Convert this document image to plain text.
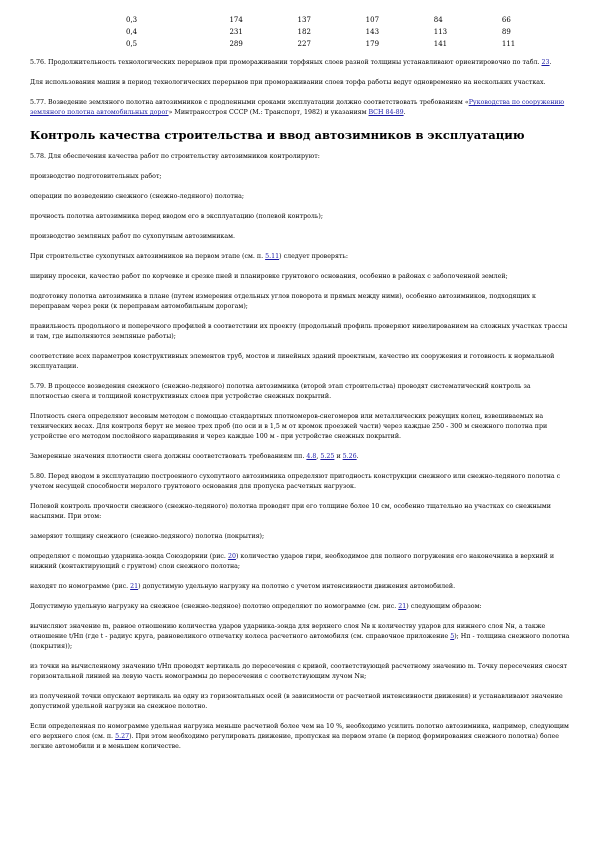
0,3	174	137	107	84	66
0,4	231	182	143	113	89
0,5	289	227	179	141	111

5.76. Продолжительность технологических перерывов при промораживании торфяных слоев разной толщины устанавливают ориентировочно по табл. 23.

Для использования машин в период технологических перерывов при промораживании слоев торфа работы ведут одновременно на нескольких участках.

5.77. Возведение земляного полотна автозимников с продленными сроками эксплуатации должно соответствовать требованиям «Руководства по сооружению земляного полотна автомобильных дорог» Минтрансстроя СССР (М.: Транспорт, 1982) и указаниям ВСН 84-89.

Контроль качества строительства и ввод автозимников в эксплуатацию

5.78. Для обеспечения качества работ по строительству автозимников контролируют:

производство подготовительных работ;

операции по возведению снежного (снежно-ледяного) полотна;

прочность полотна автозимника перед вводом его в эксплуатацию (полевой контроль);

производство земляных работ по сухопутным автозимникам.

При строительстве сухопутных автозимников на первом этапе (см. п. 5.11) следует проверять:

ширину просеки, качество работ по корчевке и срезке пней и планировке грунтового основания, особенно в районах с заболоченной землей;

подготовку полотна автозимника в плане (путем измерения отдельных углов поворота и прямых между ними), особенно автозимников, подходящих к переправам через реки (к переправам автомобильным дорогам);

правильность продольного и поперечного профилей в соответствии их проекту (продольный профиль проверяют нивелированием на сложных участках трассы и там, где выполняются земляные работы);

соответствие всех параметров конструктивных элементов труб, мостов и линейных зданий проектным, качество их сооружения и готовность к нормальной эксплуатации.

5.79. В процессе возведения снежного (снежно-ледяного) полотна автозимника (второй этап строительства) проводят систематический контроль за плотностью снега и толщиной конструктивных слоев при устройстве снежных покрытий.

Плотность снега определяют весовым методом с помощью стандартных плотномеров-снегомеров или металлических режущих колец, взвешиваемых на технических весах. Для контроля берут не менее трех проб (по оси и в 1,5 м от кромок проезжей части) через каждые 250 - 300 м снежного полотна при устройстве его методом послойного наращивания и через каждые 100 м - при устройстве снежных покрытий.

Замеренные значения плотности снега должны соответствовать требованиям пп. 4.8, 5.25 и 5.26.

5.80. Перед вводом в эксплуатацию построенного сухопутного автозимника определяют пригодность конструкции снежного или снежно-ледяного полотна с учетом несущей способности мерзлого грунтового основания для пропуска расчетных нагрузок.

Полевой контроль прочности снежного (снежно-ледяного) полотна проводят при его толщине более 10 см, особенно тщательно на участках со снежными насыпями. При этом:

замеряют толщину снежного (снежно-ледяного) полотна (покрытия);

определяют с помощью ударника-зонда Союздорнии (рис. 20) количество ударов гири, необходимое для полного погружения его наконечника в верхний и нижний (контактирующий с грунтом) слои снежного полотна;

находят по номограмме (рис. 21) допустимую удельную нагрузку на полотно с учетом интенсивности движения автомобилей.

Допустимую удельную нагрузку на снежное (снежно-ледяное) полотно определяют по номограмме (см. рис. 21) следующим образом:

вычисляют значение m, равное отношению количества ударов ударника-зонда для верхнего слоя Nв к количеству ударов для нижнего слоя Nн, а также отношение t/Hп (где t - радиус круга, равновеликого отпечатку колеса расчетного автомобиля (см. справочное приложение 5); Hп - толщина снежного полотна (покрытия));

из точки на вычисленному значению t/Hп проводят вертикаль до пересечения с кривой, соответствующей расчетному значению m. Точку пересечения сносят горизонтальной линией на левую часть номограммы до пересечения с соответствующим лучом Nн;

из полученной точки опускают вертикаль на одну из горизонтальных осей (в зависимости от расчетной интенсивности движения) и устанавливают значение допустимой удельной нагрузки на снежное полотно.

Если определенная по номограмме удельная нагрузка меньше расчетной более чем на 10 %, необходимо усилить полотно автозимника, например, следующим его верхнего слоя (см. п. 5.27). При этом необходимо регулировать движение, пропуская на первом этапе (в период формирования снежного полотна) более легкие автомобили и в меньшем количестве.
